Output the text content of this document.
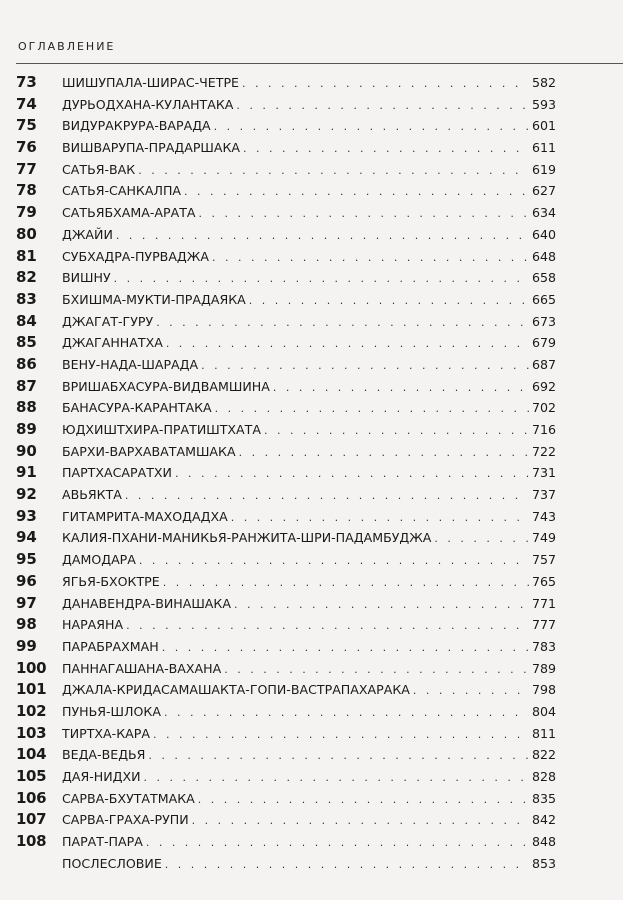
ОГЛАВЛЕНИЕ
73	ШИШУПАЛА-ШИРАС-ЧЕТРЕ . . .	582
74	ДУРЬОДХАНА-КУЛАНТАКА . . .	593
75	ВИДУРАКРУРА-ВАРАДА . . .	601
76	ВИШВАРУПА-ПРАДАРШАКА . . .	611
77	САТЬЯ-ВАК . . .	619
78	САТЬЯ-САНКАЛПА . . .	627
79	САТЬЯБХАМА-АРАТА . . .	634
80	ДЖАЙИ . . .	640
81	СУБХАДРА-ПУРВАДЖА . . .	648
82	ВИШНУ . . .	658
83	БХИШМА-МУКТИ-ПРАДАЯКА . . .	665
84	ДЖАГАТ-ГУРУ . . .	673
85	ДЖАГАННАТХА . . .	679
86	ВЕНУ-НАДА-ШАРАДА . . .	687
87	ВРИШАБХАСУРА-ВИДВАМШИНА . . .	692
88	БАНАСУРА-КАРАНТАКА . . .	702
89	ЮДХИШТХИРА-ПРАТИШТХАТА . . .	716
90	БАРХИ-ВАРХАВАТАМШАКА . . .	722
91	ПАРТХАСАРАТХИ . . .	731
92	АВЬЯКТА . . .	737
93	ГИТАМРИТА-МАХОДАДХА . . .	743
94	КАЛИЯ-ПХАНИ-МАНИКЬЯ-РАНЖИТА-ШРИ-ПАДАМБУДЖА . . .	749
95	ДАМОДАРА . . .	757
96	ЯГЬЯ-БХОКТРЕ . . .	765
97	ДАНАВЕНДРА-ВИНАШАКА . . .	771
98	НАРАЯНА . . .	777
99	ПАРАБРАХМАН . . .	783
100	ПАННАГАШАНА-ВАХАНА . . .	789
101	ДЖАЛА-КРИДАСАМАШАКТА-ГОПИ-ВАСТРАПАХАРАКА . . .	798
102	ПУНЬЯ-ШЛОКА . . .	804
103	ТИРТХА-КАРА . . .	811
104	ВЕДА-ВЕДЬЯ . . .	822
105	ДАЯ-НИДХИ . . .	828
106	САРВА-БХУТАТМАКА . . .	835
107	САРВА-ГРАХА-РУПИ . . .	842
108	ПАРАТ-ПАРА . . .	848
ПОСЛЕСЛОВИЕ . . .	853
